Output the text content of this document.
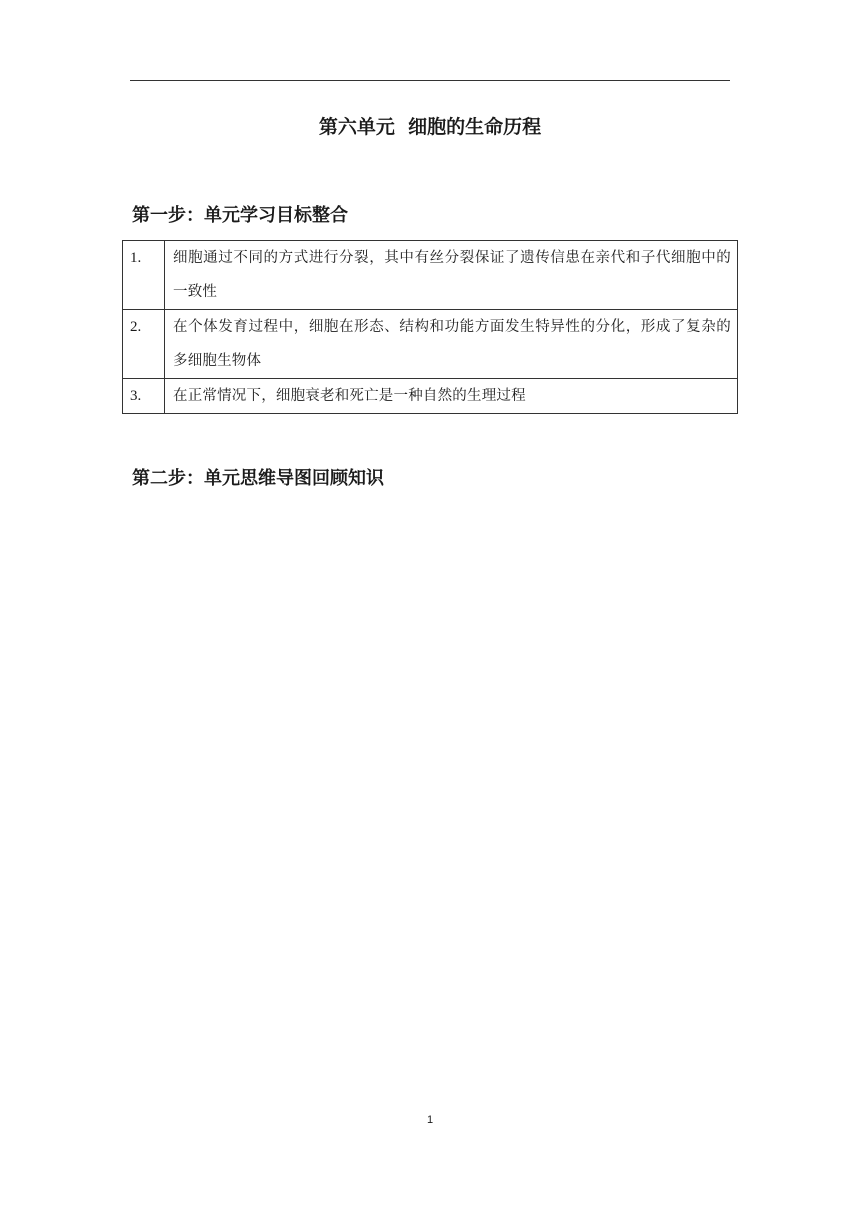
第六单元  细胞的生命历程
第一步：单元学习目标整合
1.	细胞通过不同的方式进行分裂，其中有丝分裂保证了遗传信患在亲代和子代细胞中的一致性
2.	在个体发育过程中，细胞在形态、结构和功能方面发生特异性的分化，形成了复杂的多细胞生物体
3.	在正常情况下，细胞衰老和死亡是一种自然的生理过程
第二步：单元思维导图回顾知识
1
